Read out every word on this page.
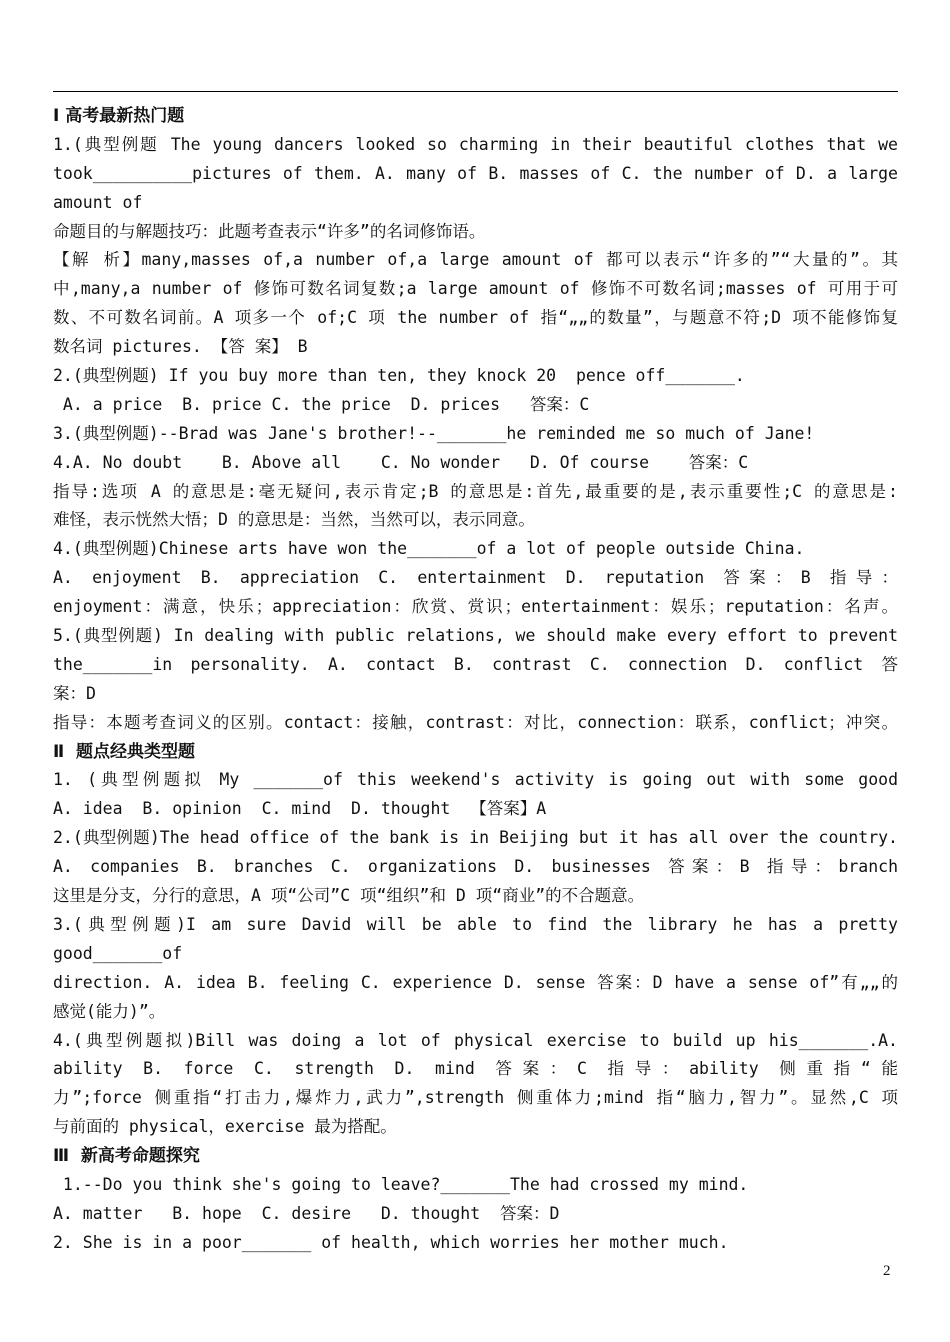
Ⅰ 高考最新热门题
1.(典型例题 The young dancers looked so charming in their beautiful clothes that we
took__________pictures of them. A. many of B. masses of C. the number of D. a large
amount of
命题目的与解题技巧：此题考查表示“许多”的名词修饰语。
【解 析】many,masses of,a number of,a large amount of 都可以表示“许多的”“大量的”。其
中,many,a number of 修饰可数名词复数;a large amount of 修饰不可数名词;masses of 可用于可
数、不可数名词前。A 项多一个 of;C 项 the number of 指“„„的数量”，与题意不符;D 项不能修饰复
数名词 pictures. 【答 案】 B
2.(典型例题) If you buy more than ten, they knock 20  pence off_______.
A. a price  B. price C. the price  D. prices   答案：C
3.(典型例题)--Brad was Jane's brother!--_______he reminded me so much of Jane!
4.A. No doubt    B. Above all    C. No wonder   D. Of course    答案：C
指导:选项 A 的意思是:毫无疑问,表示肯定;B 的意思是:首先,最重要的是,表示重要性;C 的意思是:
难怪，表示恍然大悟；D 的意思是：当然，当然可以，表示同意。
4.(典型例题)Chinese arts have won the_______of a lot of people outside China.
A. enjoyment B. appreciation C. entertainment D. reputation 答案：B 指导：
enjoyment：满意，快乐；appreciation：欣赏、赏识；entertainment：娱乐；reputation：名声。
5.(典型例题) In dealing with public relations, we should make every effort to prevent
the_______in personality. A. contact B. contrast C. connection D. conflict 答
案：D
指导：本题考查词义的区别。contact：接触，contrast：对比，connection：联系，conflict；冲突。
Ⅱ  题点经典类型题
1. (典型例题拟 My _______of this weekend's activity is going out with some good
A. idea  B. opinion  C. mind  D. thought  【答案】A
2.(典型例题)The head office of the bank is in Beijing but it has all over the country.
A. companies B. branches C. organizations D. businesses 答案：B 指导：branch
这里是分支，分行的意思，A 项“公司”C 项“组织”和 D 项“商业”的不合题意。
3.(典型例题)I am sure David will be able to find the library he has a pretty
good_______of
direction. A. idea B. feeling C. experience D. sense 答案：D have a sense of”有„„的
感觉(能力)”。
4.(典型例题拟)Bill was doing a lot of physical exercise to build up his_______.A.
ability B. force C. strength D. mind 答案：C 指导：ability 侧重指“能
力”;force 侧重指“打击力,爆炸力,武力”,strength 侧重体力;mind 指“脑力,智力”。显然,C 项
与前面的 physical，exercise 最为搭配。
Ⅲ  新高考命题探究
1.--Do you think she's going to leave?_______The had crossed my mind.
A. matter   B. hope  C. desire   D. thought  答案：D
2. She is in a poor_______ of health, which worries her mother much.
2
